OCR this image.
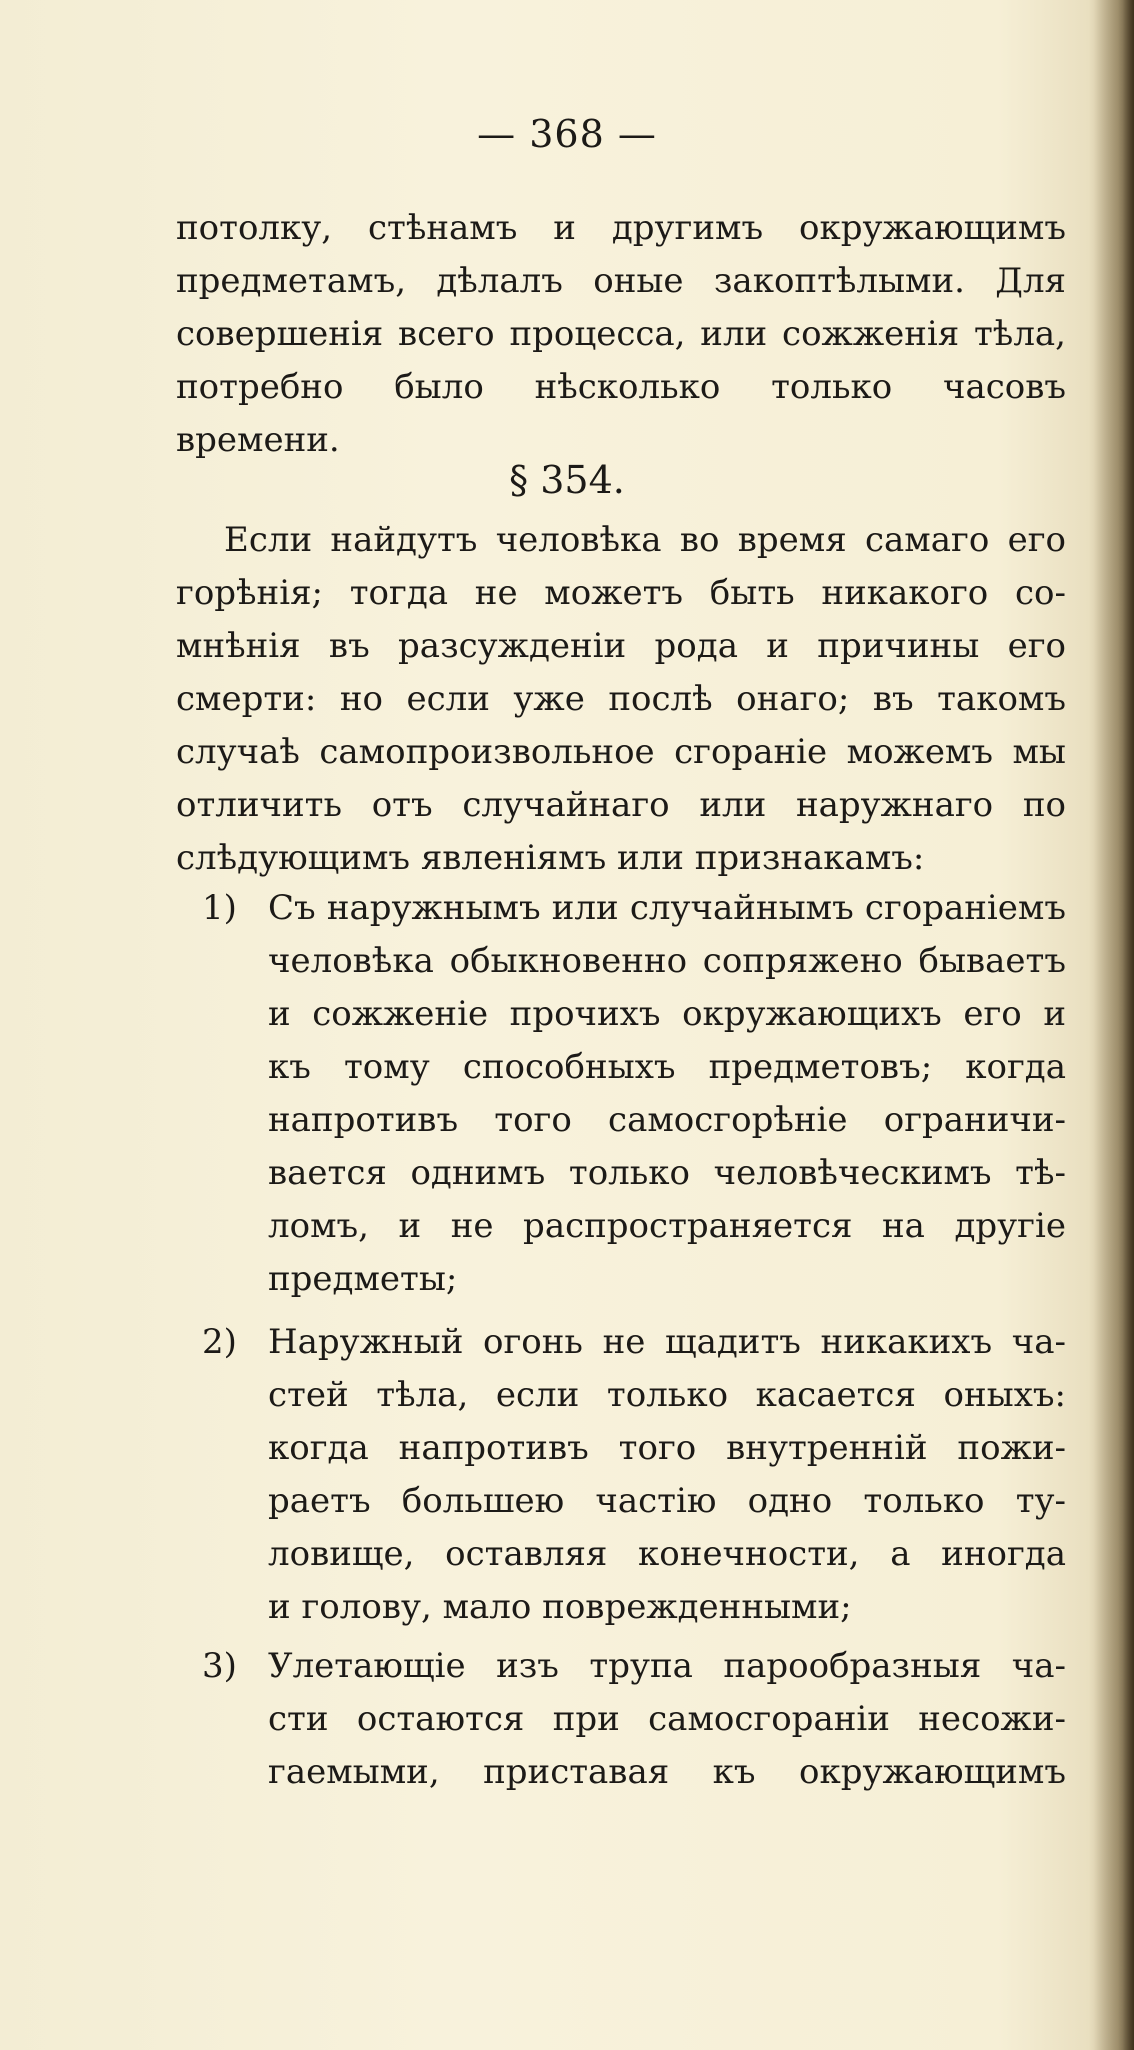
— 368 —
потолку, стѣнамъ и другимъ окружающимъ
предметамъ, дѣлалъ оные закоптѣлыми. Для
совершенія всего процесса, или сожженія тѣла,
потребно было нѣсколько только часовъ
времени.
§ 354.
Если найдутъ человѣка во время самаго его
горѣнія; тогда не можетъ быть никакого со-
мнѣнія въ разсужденіи рода и причины его
смерти: но если уже послѣ онаго; въ такомъ
случаѣ самопроизвольное сгораніе можемъ мы
отличить отъ случайнаго или наружнаго по
слѣдующимъ явленіямъ или признакамъ:
1) Съ наружнымъ или случайнымъ сгораніемъ
человѣка обыкновенно сопряжено бываетъ
и сожженіе прочихъ окружающихъ его и
къ тому способныхъ предметовъ; когда
напротивъ того самосгорѣніе ограничи-
вается однимъ только человѣческимъ тѣ-
ломъ, и не распространяется на другіе
предметы;
2) Наружный огонь не щадитъ никакихъ ча-
стей тѣла, если только касается оныхъ:
когда напротивъ того внутренній пожи-
раетъ большею частію одно только ту-
ловище, оставляя конечности, а иногда
и голову, мало поврежденными;
3) Улетающіе изъ трупа парообразныя ча-
сти остаются при самосгораніи несожи-
гаемыми, пристaвая къ окружающимъ
